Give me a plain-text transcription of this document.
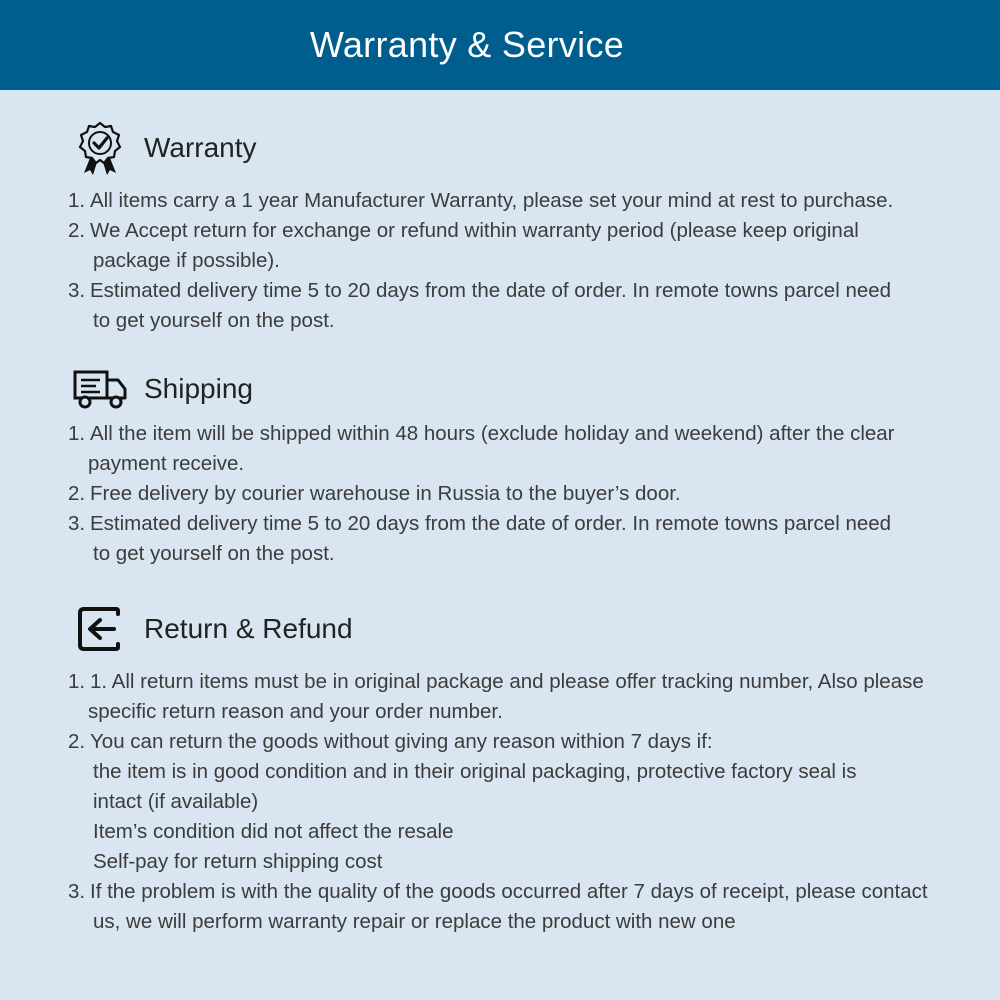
Warranty & Service
Warranty
1. All items carry a 1 year Manufacturer Warranty, please set your mind at rest to purchase.
2. We Accept return for exchange or refund within warranty period (please keep original
package if possible).
3. Estimated delivery time 5 to 20 days from the date of order. In remote towns parcel need
to get yourself on the post.
Shipping
1. All the item will be shipped within 48 hours (exclude holiday and weekend) after the clear
payment receive.
2. Free delivery by courier warehouse in Russia to the buyer’s door.
3. Estimated delivery time 5 to 20 days from the date of order. In remote towns parcel need
to get yourself on the post.
Return & Refund
1. 1. All return items must be in original package and please offer tracking number, Also please
specific return reason and your order number.
2. You can return the goods without giving any reason withion 7 days if:
the item is in good condition and in their original packaging, protective factory seal is
intact (if available)
Item’s condition did not affect the resale
Self-pay for return shipping cost
3. If the problem is with the quality of the goods occurred after 7 days of receipt, please contact
us, we will perform warranty repair or replace the product with new one
